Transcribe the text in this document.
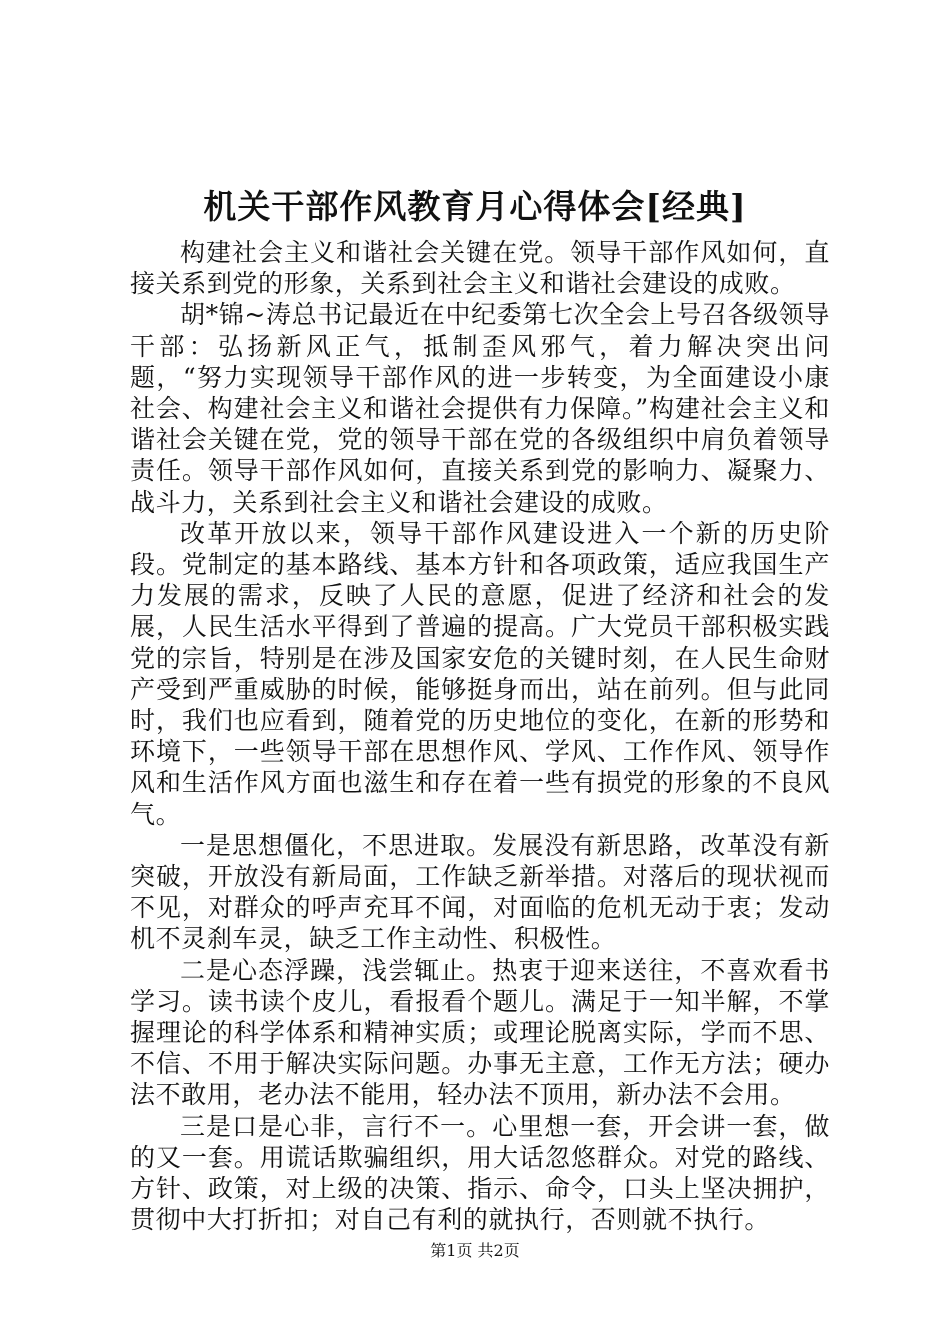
机关干部作风教育月心得体会[经典]

构建社会主义和谐社会关键在党。领导干部作风如何，直接关系到党的形象，关系到社会主义和谐社会建设的成败。

胡*锦~涛总书记最近在中纪委第七次全会上号召各级领导干部：弘扬新风正气，抵制歪风邪气，着力解决突出问题，“努力实现领导干部作风的进一步转变，为全面建设小康社会、构建社会主义和谐社会提供有力保障。”构建社会主义和谐社会关键在党，党的领导干部在党的各级组织中肩负着领导责任。领导干部作风如何，直接关系到党的影响力、凝聚力、战斗力，关系到社会主义和谐社会建设的成败。

改革开放以来，领导干部作风建设进入一个新的历史阶段。党制定的基本路线、基本方针和各项政策，适应我国生产力发展的需求，反映了人民的意愿，促进了经济和社会的发展，人民生活水平得到了普遍的提高。广大党员干部积极实践党的宗旨，特别是在涉及国家安危的关键时刻，在人民生命财产受到严重威胁的时候，能够挺身而出，站在前列。但与此同时，我们也应看到，随着党的历史地位的变化，在新的形势和环境下，一些领导干部在思想作风、学风、工作作风、领导作风和生活作风方面也滋生和存在着一些有损党的形象的不良风气。

一是思想僵化，不思进取。发展没有新思路，改革没有新突破，开放没有新局面，工作缺乏新举措。对落后的现状视而不见，对群众的呼声充耳不闻，对面临的危机无动于衷；发动机不灵刹车灵，缺乏工作主动性、积极性。

二是心态浮躁，浅尝辄止。热衷于迎来送往，不喜欢看书学习。读书读个皮儿，看报看个题儿。满足于一知半解，不掌握理论的科学体系和精神实质；或理论脱离实际，学而不思、不信、不用于解决实际问题。办事无主意，工作无方法；硬办法不敢用，老办法不能用，轻办法不顶用，新办法不会用。

三是口是心非，言行不一。心里想一套，开会讲一套，做的又一套。用谎话欺骗组织，用大话忽悠群众。对党的路线、方针、政策，对上级的决策、指示、命令，口头上坚决拥护，贯彻中大打折扣；对自己有利的就执行，否则就不执行。

第1页 共2页
